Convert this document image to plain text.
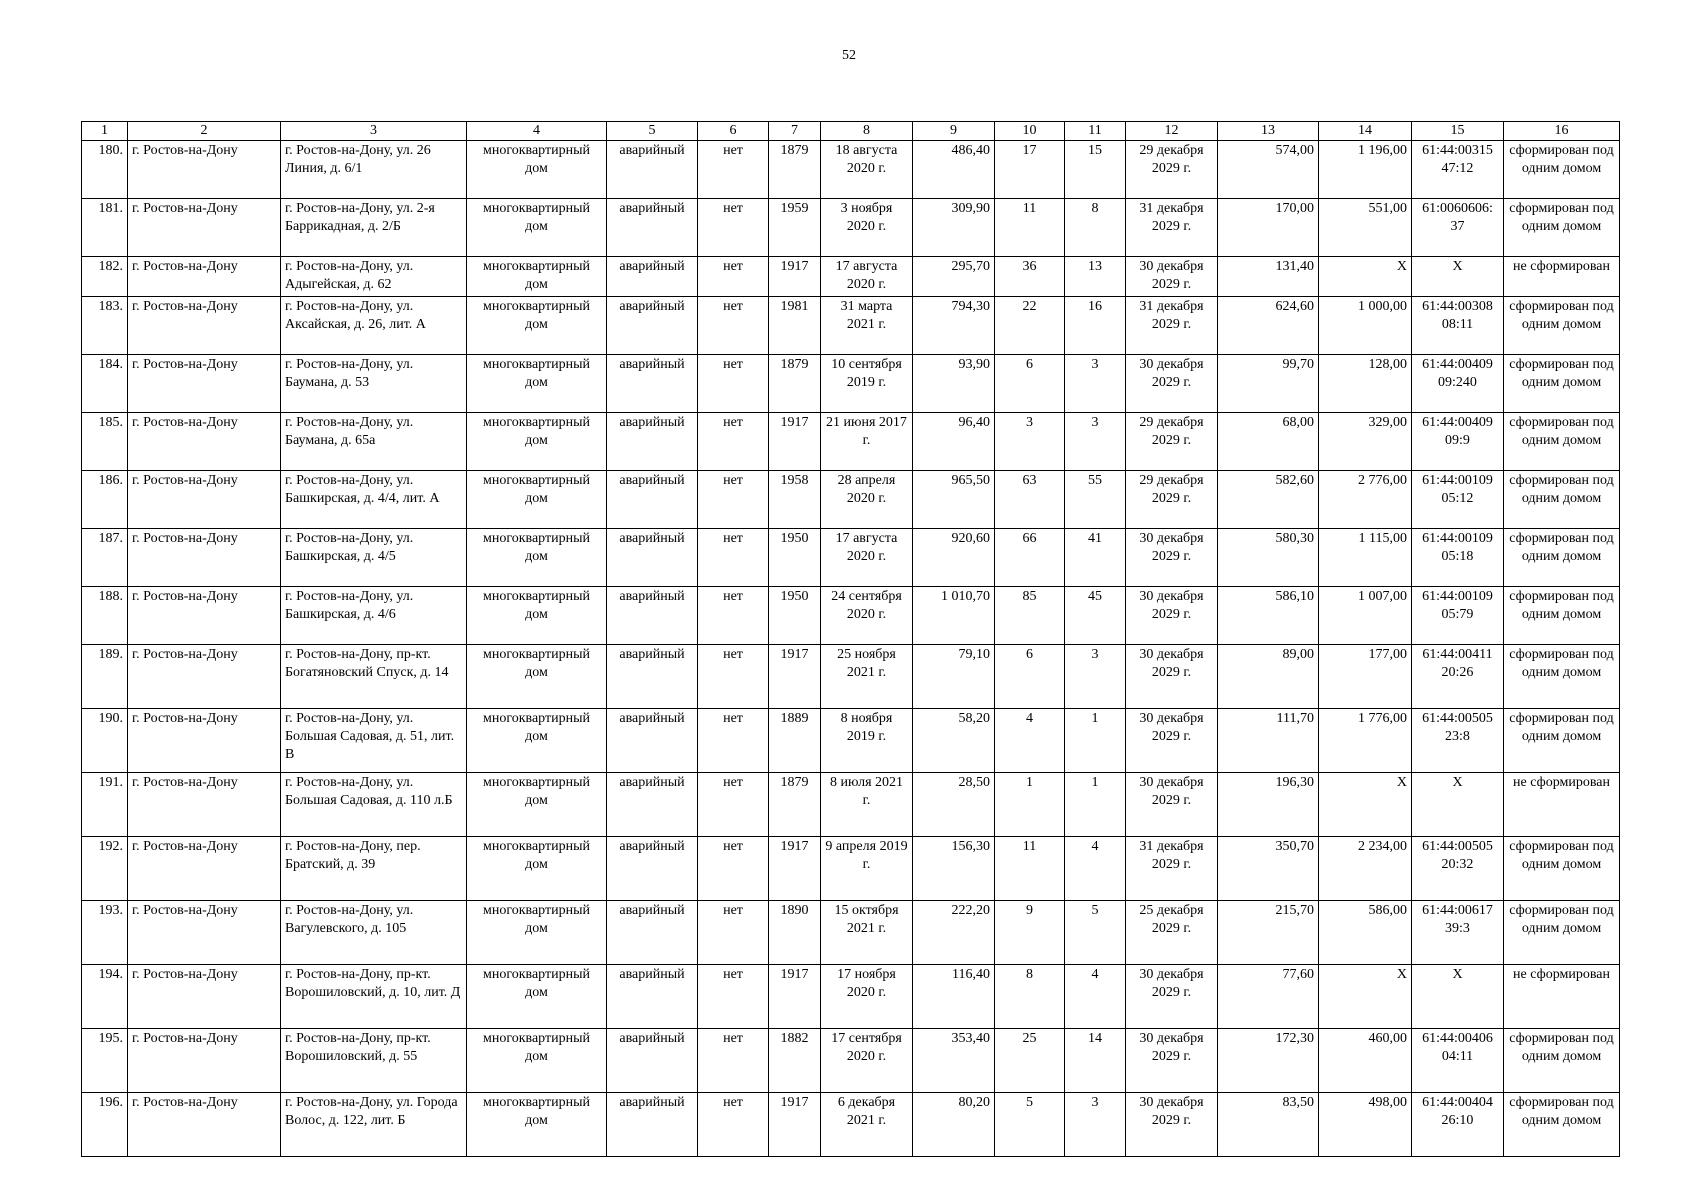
52
1	2	3	4	5	6	7	8	9	10	11	12	13	14	15	16
180.	г. Ростов-на-Дону	г. Ростов-на-Дону, ул. 26 Линия, д. 6/1	многоквартирный дом	аварийный	нет	1879	18 августа 2020 г.	486,40	17	15	29 декабря 2029 г.	574,00	1 196,00	61:44:00315 47:12	сформирован под одним домом
181.	г. Ростов-на-Дону	г. Ростов-на-Дону, ул. 2-я Баррикадная, д. 2/Б	многоквартирный дом	аварийный	нет	1959	3 ноября 2020 г.	309,90	11	8	31 декабря 2029 г.	170,00	551,00	61:0060606: 37	сформирован под одним домом
182.	г. Ростов-на-Дону	г. Ростов-на-Дону, ул. Адыгейская, д. 62	многоквартирный дом	аварийный	нет	1917	17 августа 2020 г.	295,70	36	13	30 декабря 2029 г.	131,40	Х	Х	не сформирован
183.	г. Ростов-на-Дону	г. Ростов-на-Дону, ул. Аксайская, д. 26, лит. А	многоквартирный дом	аварийный	нет	1981	31 марта 2021 г.	794,30	22	16	31 декабря 2029 г.	624,60	1 000,00	61:44:00308 08:11	сформирован под одним домом
184.	г. Ростов-на-Дону	г. Ростов-на-Дону, ул. Баумана, д. 53	многоквартирный дом	аварийный	нет	1879	10 сентября 2019 г.	93,90	6	3	30 декабря 2029 г.	99,70	128,00	61:44:00409 09:240	сформирован под одним домом
185.	г. Ростов-на-Дону	г. Ростов-на-Дону, ул. Баумана, д. 65а	многоквартирный дом	аварийный	нет	1917	21 июня 2017 г.	96,40	3	3	29 декабря 2029 г.	68,00	329,00	61:44:00409 09:9	сформирован под одним домом
186.	г. Ростов-на-Дону	г. Ростов-на-Дону, ул. Башкирская, д. 4/4, лит. А	многоквартирный дом	аварийный	нет	1958	28 апреля 2020 г.	965,50	63	55	29 декабря 2029 г.	582,60	2 776,00	61:44:00109 05:12	сформирован под одним домом
187.	г. Ростов-на-Дону	г. Ростов-на-Дону, ул. Башкирская, д. 4/5	многоквартирный дом	аварийный	нет	1950	17 августа 2020 г.	920,60	66	41	30 декабря 2029 г.	580,30	1 115,00	61:44:00109 05:18	сформирован под одним домом
188.	г. Ростов-на-Дону	г. Ростов-на-Дону, ул. Башкирская, д. 4/6	многоквартирный дом	аварийный	нет	1950	24 сентября 2020 г.	1 010,70	85	45	30 декабря 2029 г.	586,10	1 007,00	61:44:00109 05:79	сформирован под одним домом
189.	г. Ростов-на-Дону	г. Ростов-на-Дону, пр-кт. Богатяновский Спуск, д. 14	многоквартирный дом	аварийный	нет	1917	25 ноября 2021 г.	79,10	6	3	30 декабря 2029 г.	89,00	177,00	61:44:00411 20:26	сформирован под одним домом
190.	г. Ростов-на-Дону	г. Ростов-на-Дону, ул. Большая Садовая, д. 51, лит. В	многоквартирный дом	аварийный	нет	1889	8 ноября 2019 г.	58,20	4	1	30 декабря 2029 г.	111,70	1 776,00	61:44:00505 23:8	сформирован под одним домом
191.	г. Ростов-на-Дону	г. Ростов-на-Дону, ул. Большая Садовая, д. 110 л.Б	многоквартирный дом	аварийный	нет	1879	8 июля 2021 г.	28,50	1	1	30 декабря 2029 г.	196,30	Х	Х	не сформирован
192.	г. Ростов-на-Дону	г. Ростов-на-Дону, пер. Братский, д. 39	многоквартирный дом	аварийный	нет	1917	9 апреля 2019 г.	156,30	11	4	31 декабря 2029 г.	350,70	2 234,00	61:44:00505 20:32	сформирован под одним домом
193.	г. Ростов-на-Дону	г. Ростов-на-Дону, ул. Вагулевского, д. 105	многоквартирный дом	аварийный	нет	1890	15 октября 2021 г.	222,20	9	5	25 декабря 2029 г.	215,70	586,00	61:44:00617 39:3	сформирован под одним домом
194.	г. Ростов-на-Дону	г. Ростов-на-Дону, пр-кт. Ворошиловский, д. 10, лит. Д	многоквартирный дом	аварийный	нет	1917	17 ноября 2020 г.	116,40	8	4	30 декабря 2029 г.	77,60	Х	Х	не сформирован
195.	г. Ростов-на-Дону	г. Ростов-на-Дону, пр-кт. Ворошиловский, д. 55	многоквартирный дом	аварийный	нет	1882	17 сентября 2020 г.	353,40	25	14	30 декабря 2029 г.	172,30	460,00	61:44:00406 04:11	сформирован под одним домом
196.	г. Ростов-на-Дону	г. Ростов-на-Дону, ул. Города Волос, д. 122, лит. Б	многоквартирный дом	аварийный	нет	1917	6 декабря 2021 г.	80,20	5	3	30 декабря 2029 г.	83,50	498,00	61:44:00404 26:10	сформирован под одним домом
